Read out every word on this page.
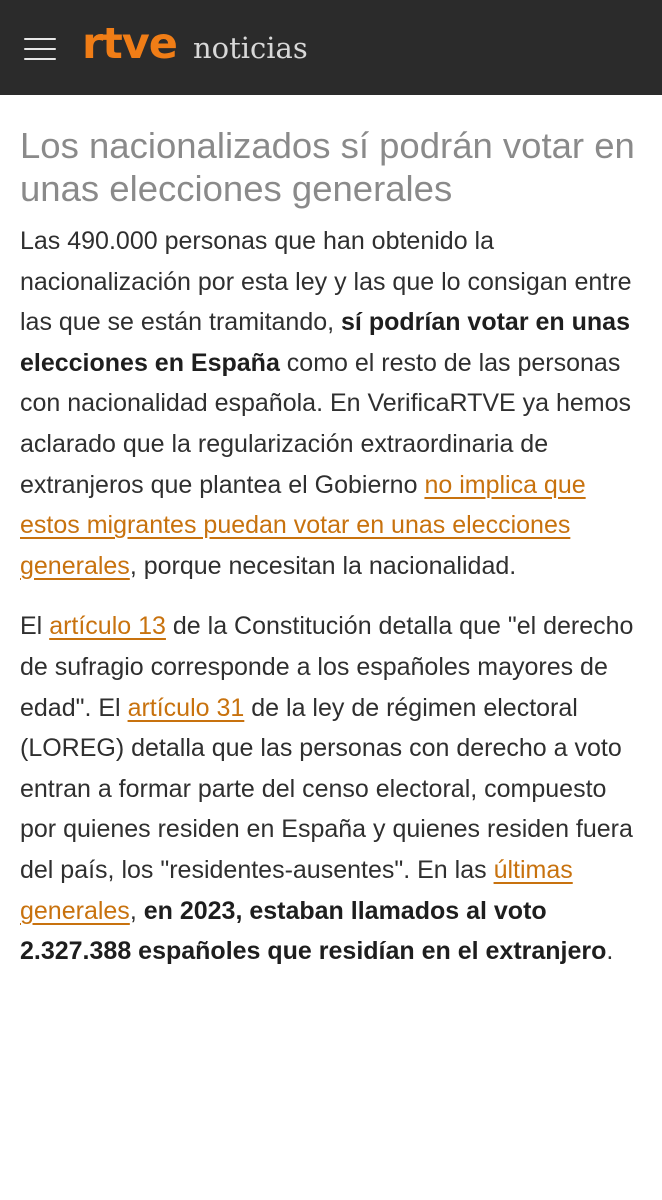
rtve noticias
Los nacionalizados sí podrán votar en unas elecciones generales

Las 490.000 personas que han obtenido la nacionalización por esta ley y las que lo consigan entre las que se están tramitando, sí podrían votar en unas elecciones en España como el resto de las personas con nacionalidad española. En VerificaRTVE ya hemos aclarado que la regularización extraordinaria de extranjeros que plantea el Gobierno no implica que estos migrantes puedan votar en unas elecciones generales, porque necesitan la nacionalidad.

El artículo 13 de la Constitución detalla que "el derecho de sufragio corresponde a los españoles mayores de edad". El artículo 31 de la ley de régimen electoral (LOREG) detalla que las personas con derecho a voto entran a formar parte del censo electoral, compuesto por quienes residen en España y quienes residen fuera del país, los "residentes-ausentes". En las últimas generales, en 2023, estaban llamados al voto 2.327.388 españoles que residían en el extranjero.
